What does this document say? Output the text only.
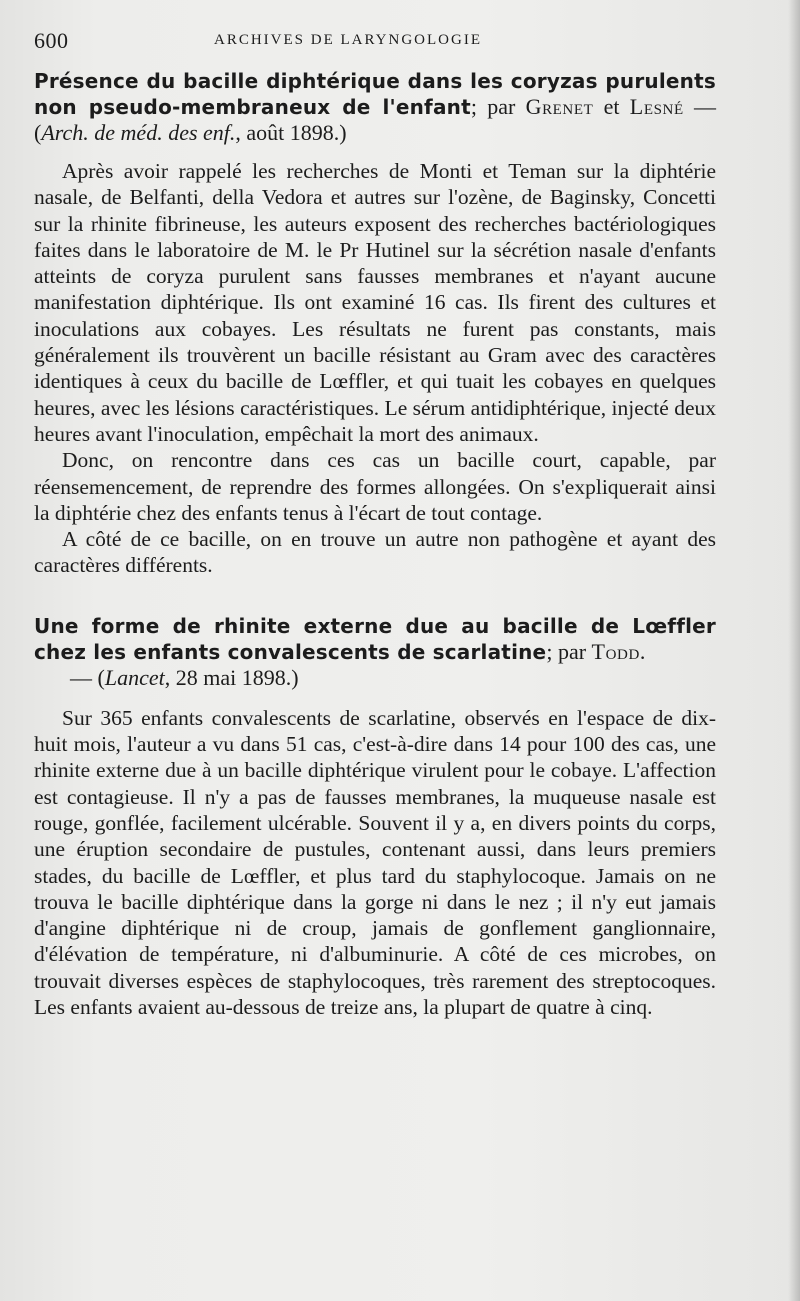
600	ARCHIVES DE LARYNGOLOGIE
Présence du bacille diphtérique dans les coryzas purulents non pseudo-membraneux de l'enfant; par Grenet et Lesné — (Arch. de méd. des enf., août 1898.)

Après avoir rappelé les recherches de Monti et Teman sur la diphtérie nasale, de Belfanti, della Vedora et autres sur l'ozène, de Baginsky, Concetti sur la rhinite fibrineuse, les auteurs exposent des recherches bactériologiques faites dans le laboratoire de M. le Pr Hutinel sur la sécrétion nasale d'enfants atteints de coryza purulent sans fausses membranes et n'ayant aucune manifestation diphtérique. Ils ont examiné 16 cas. Ils firent des cultures et inoculations aux cobayes. Les résultats ne furent pas constants, mais généralement ils trouvèrent un bacille résistant au Gram avec des caractères identiques à ceux du bacille de Lœffler, et qui tuait les cobayes en quelques heures, avec les lésions caractéristiques. Le sérum antidiphtérique, injecté deux heures avant l'inoculation, empêchait la mort des animaux.

Donc, on rencontre dans ces cas un bacille court, capable, par réensemencement, de reprendre des formes allongées. On s'expliquerait ainsi la diphtérie chez des enfants tenus à l'écart de tout contage.

A côté de ce bacille, on en trouve un autre non pathogène et ayant des caractères différents.

Une forme de rhinite externe due au bacille de Lœffler chez les enfants convalescents de scarlatine; par Todd.
— (Lancet, 28 mai 1898.)

Sur 365 enfants convalescents de scarlatine, observés en l'espace de dix-huit mois, l'auteur a vu dans 51 cas, c'est-à-dire dans 14 pour 100 des cas, une rhinite externe due à un bacille diphtérique virulent pour le cobaye. L'affection est contagieuse. Il n'y a pas de fausses membranes, la muqueuse nasale est rouge, gonflée, facilement ulcérable. Souvent il y a, en divers points du corps, une éruption secondaire de pustules, contenant aussi, dans leurs premiers stades, du bacille de Lœffler, et plus tard du staphylocoque. Jamais on ne trouva le bacille diphtérique dans la gorge ni dans le nez ; il n'y eut jamais d'angine diphtérique ni de croup, jamais de gonflement ganglionnaire, d'élévation de température, ni d'albuminurie. A côté de ces microbes, on trouvait diverses espèces de staphylocoques, très rarement des streptocoques. Les enfants avaient au-dessous de treize ans, la plupart de quatre à cinq.
